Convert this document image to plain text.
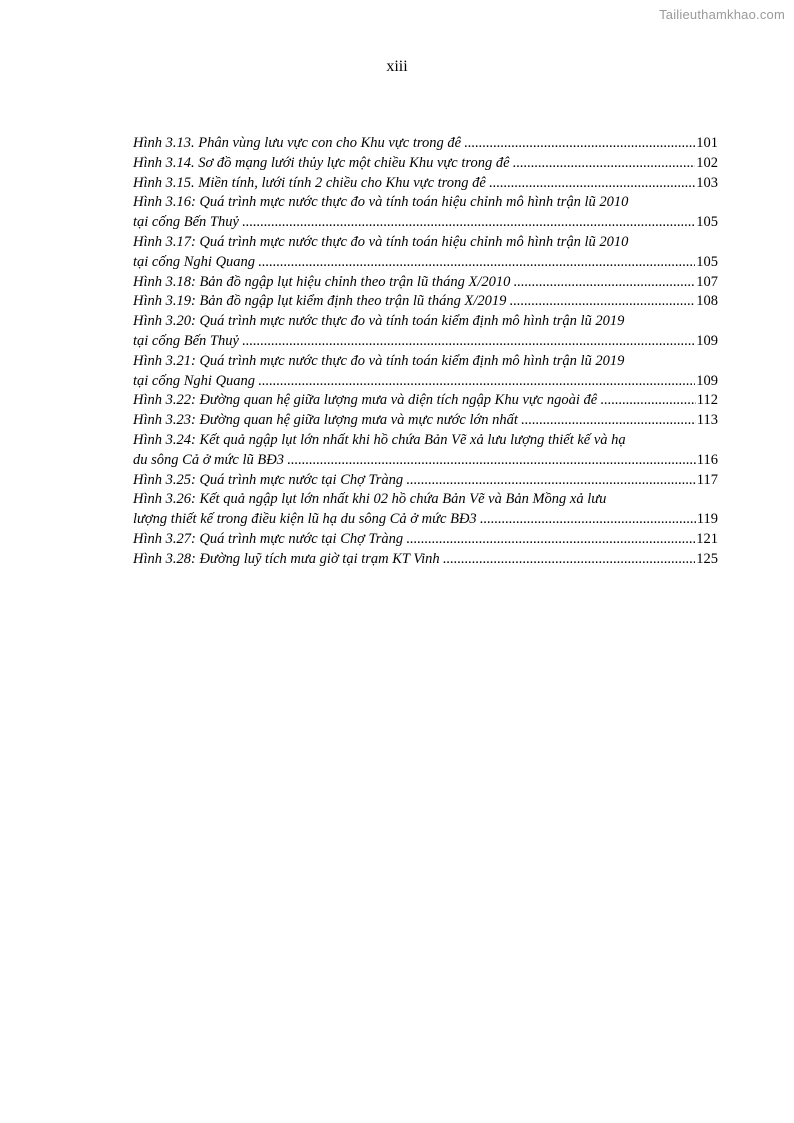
Tailieuthamkhao.com
xiii
Hình 3.13. Phân vùng lưu vực con cho Khu vực trong đê .....	101
Hình 3.14. Sơ đồ mạng lưới thủy lực một chiều Khu vực trong đê .....	102
Hình 3.15. Miền tính, lưới tính 2 chiều cho Khu vực trong đê .....	103
Hình 3.16: Quá trình mực nước thực đo và tính toán hiệu chỉnh mô hình trận lũ 2010
tại cống Bến Thuỷ .....	105
Hình 3.17: Quá trình mực nước thực đo và tính toán hiệu chỉnh mô hình trận lũ 2010
tại cống Nghi Quang .....	105
Hình 3.18: Bản đồ ngập lụt hiệu chỉnh theo trận lũ tháng X/2010 .....	107
Hình 3.19: Bản đồ ngập lụt kiểm định theo trận lũ tháng X/2019 .....	108
Hình 3.20: Quá trình mực nước thực đo và tính toán kiểm định mô hình trận lũ 2019
tại cống Bến Thuỷ .....	109
Hình 3.21: Quá trình mực nước thực đo và tính toán kiểm định mô hình trận lũ 2019
tại cống Nghi Quang .....	109
Hình 3.22: Đường quan hệ giữa lượng mưa và diện tích ngập Khu vực ngoài đê .....	112
Hình 3.23: Đường quan hệ giữa lượng mưa và mực nước lớn nhất .....	113
Hình 3.24: Kết quả ngập lụt lớn nhất khi hồ chứa Bản Vẽ xả lưu lượng thiết kế và hạ
du sông Cả ở mức lũ BĐ3 .....	116
Hình 3.25: Quá trình mực nước tại Chợ Tràng .....	117
Hình 3.26: Kết quả ngập lụt lớn nhất khi 02 hồ chứa Bản Vẽ và Bản Mồng xả lưu
lượng thiết kế trong điều kiện lũ hạ du sông Cả ở mức BĐ3 .....	119
Hình 3.27: Quá trình mực nước tại Chợ Tràng .....	121
Hình 3.28: Đường luỹ tích mưa giờ tại trạm KT Vinh .....	125
